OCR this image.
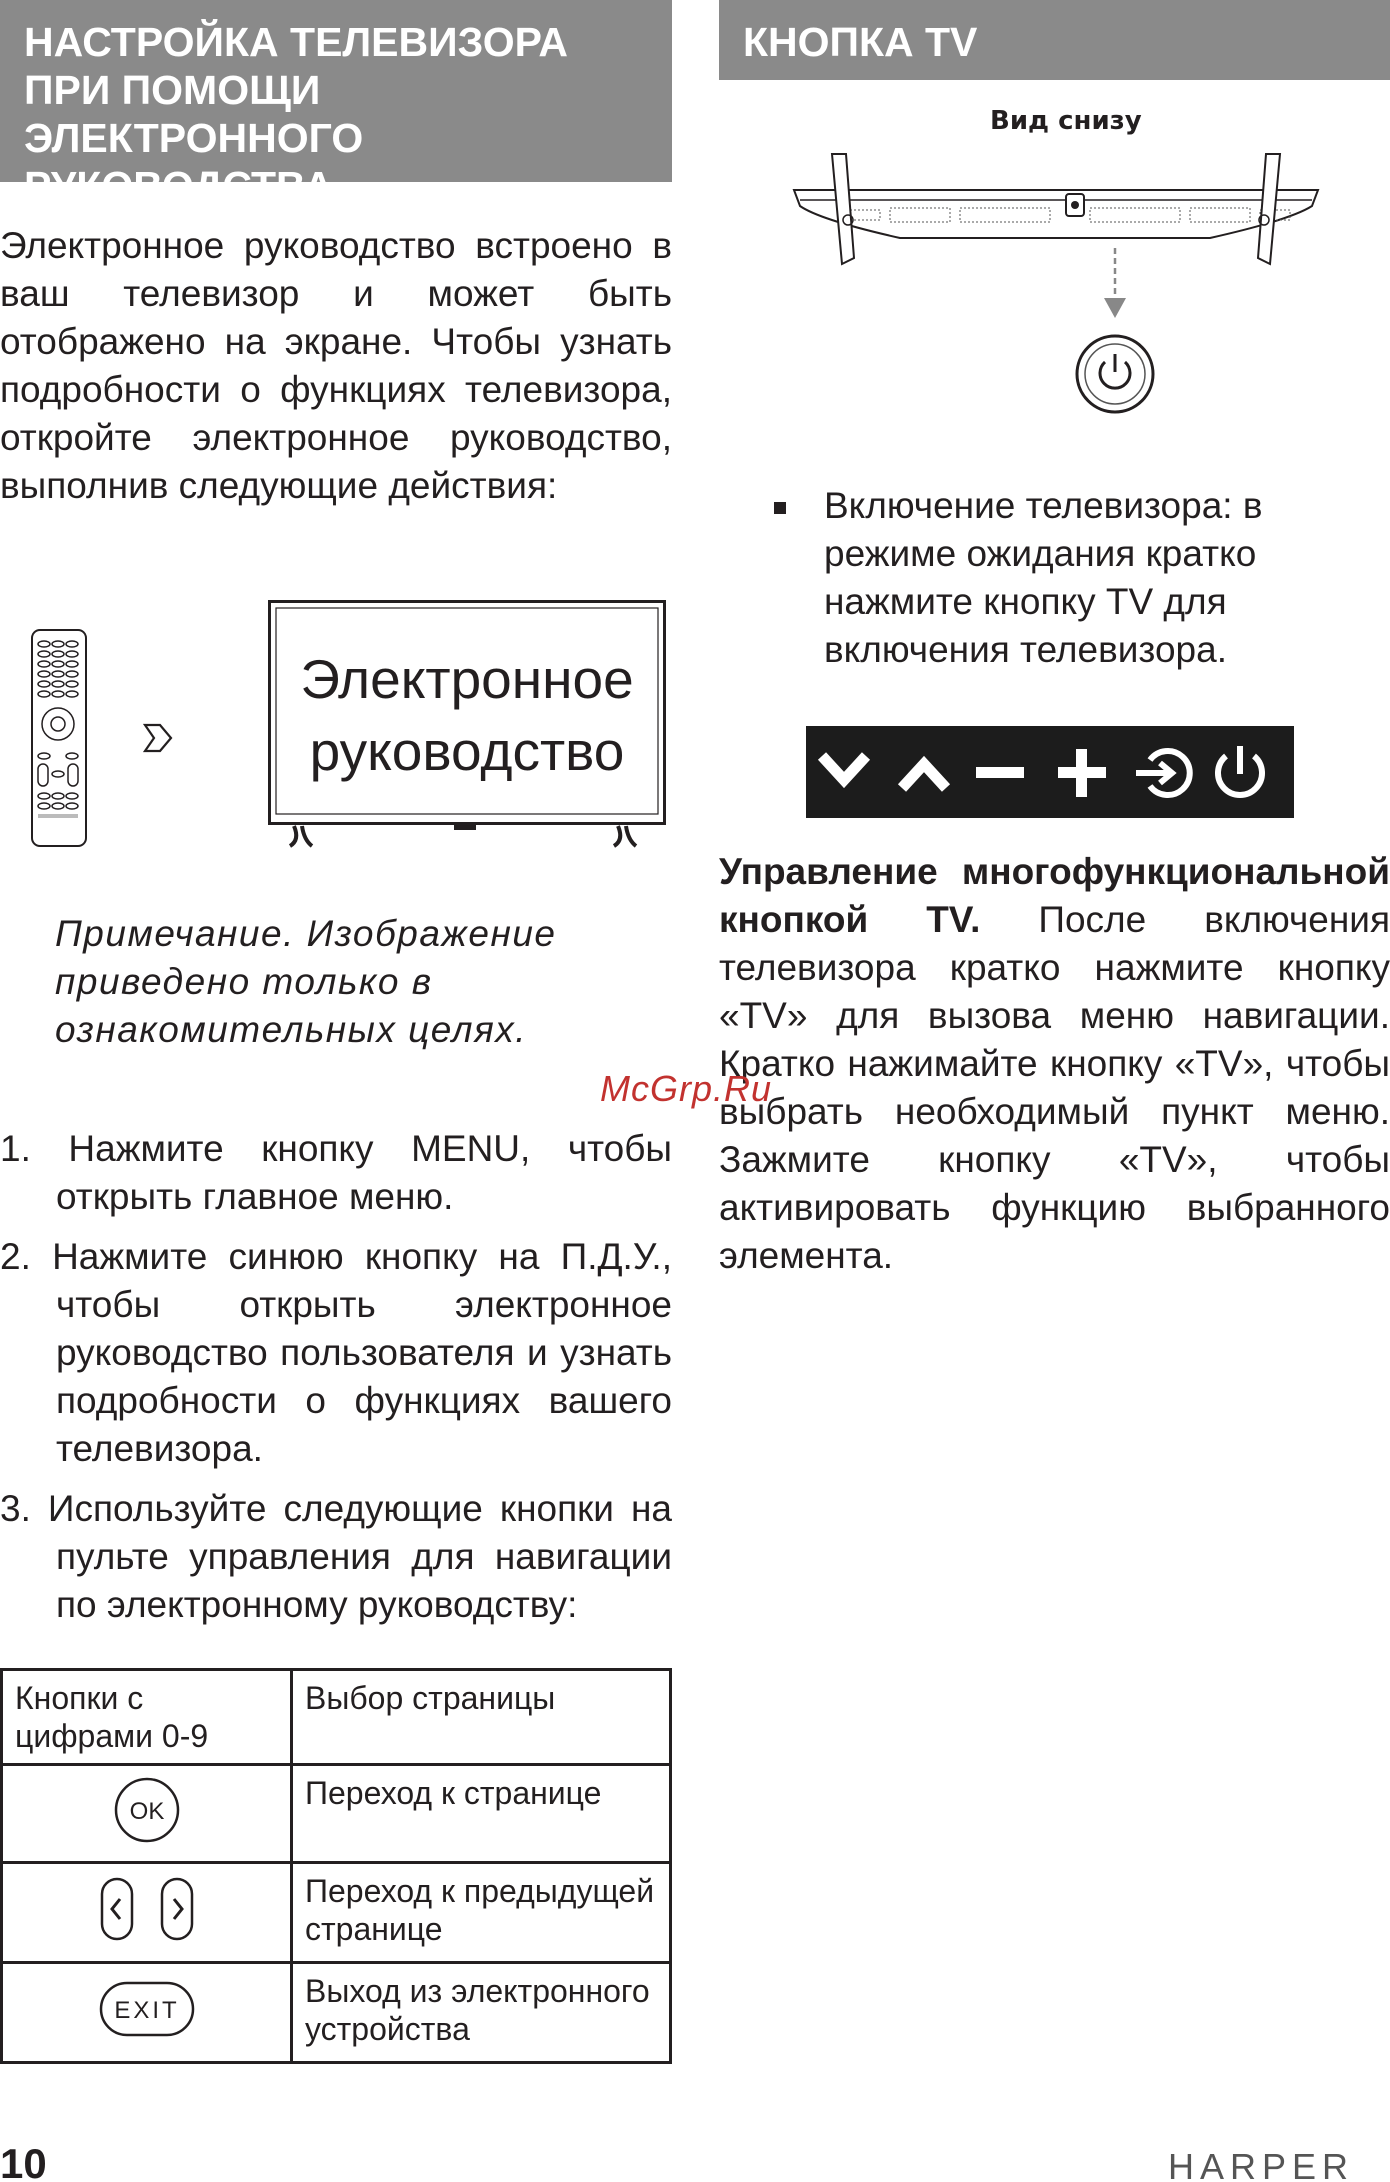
НАСТРОЙКА ТЕЛЕВИЗОРА ПРИ ПОМОЩИ ЭЛЕКТРОННОГО РУКОВОДСТВА
Электронное руководство встроено в ваш телевизор и может быть отображено на экране. Чтобы узнать подробности о функциях телевизора, откройте электронное руководство, выполнив следующие действия:
Электронное
руководство
Примечание. Изображение приведено только в ознакомительных целях.
1. Нажмите кнопку MENU, чтобы открыть главное меню.
2. Нажмите синюю кнопку на П.Д.У., чтобы открыть электронное руководство пользователя и узнать подробности о функциях вашего телевизора.
3. Используйте следующие кнопки на пульте управления для навигации по электронному руководству:
Кнопки с цифрами 0-9	Выбор страницы

OK	Переход к странице
	Переход к предыдущей странице

EXIT	Выход из электронного устройства
КНОПКА TV
Вид снизу
Включение телевизора: в режиме ожидания кратко нажмите кнопку TV для включения телевизора.
Управление многофункциональной кнопкой TV. После включения телевизора кратко нажмите кнопку «TV» для вызова меню навигации. Кратко нажимайте кнопку «TV», чтобы выбрать необходимый пункт меню. Зажмите кнопку «TV», чтобы активировать функцию выбранного элемента.
McGrp.Ru
10	HARPER
